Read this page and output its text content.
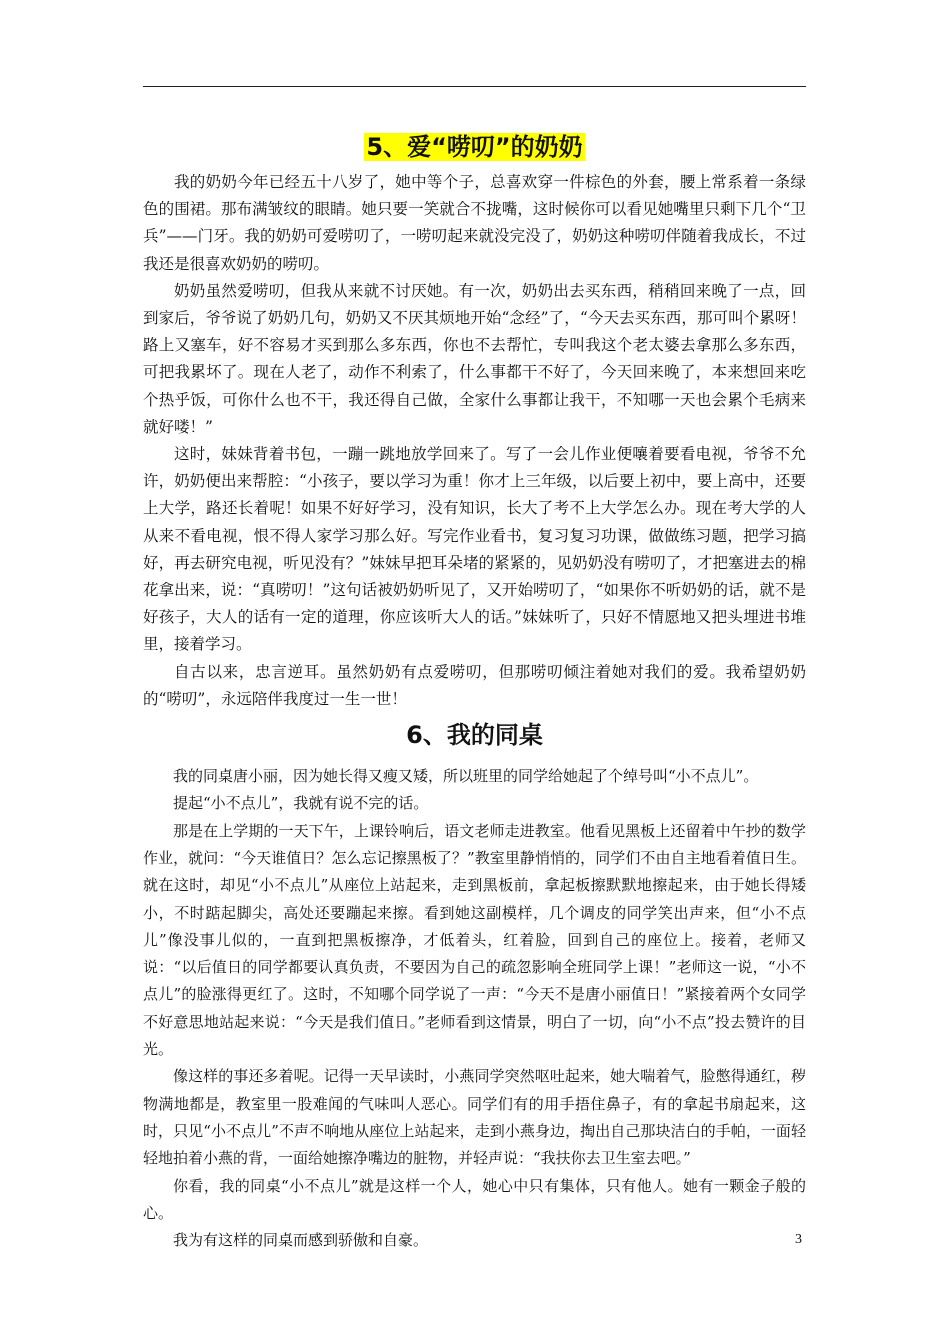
5、爱“唠叨”的奶奶

我的奶奶今年已经五十八岁了，她中等个子，总喜欢穿一件棕色的外套，腰上常系着一条绿色的围裙。那布满皱纹的眼睛。她只要一笑就合不拢嘴，这时候你可以看见她嘴里只剩下几个“卫兵”——门牙。我的奶奶可爱唠叨了，一唠叨起来就没完没了，奶奶这种唠叨伴随着我成长，不过我还是很喜欢奶奶的唠叨。

奶奶虽然爱唠叨，但我从来就不讨厌她。有一次，奶奶出去买东西，稍稍回来晚了一点，回到家后，爷爷说了奶奶几句，奶奶又不厌其烦地开始“念经”了，“今天去买东西，那可叫个累呀！路上又塞车，好不容易才买到那么多东西，你也不去帮忙，专叫我这个老太婆去拿那么多东西，可把我累坏了。现在人老了，动作不利索了，什么事都干不好了，今天回来晚了，本来想回来吃个热乎饭，可你什么也不干，我还得自己做，全家什么事都让我干，不知哪一天也会累个毛病来就好喽！”

这时，妹妹背着书包，一蹦一跳地放学回来了。写了一会儿作业便嚷着要看电视，爷爷不允许，奶奶便出来帮腔：“小孩子，要以学习为重！你才上三年级，以后要上初中，要上高中，还要上大学，路还长着呢！如果不好好学习，没有知识，长大了考不上大学怎么办。现在考大学的人从来不看电视，恨不得人家学习那么好。写完作业看书，复习复习功课，做做练习题，把学习搞好，再去研究电视，听见没有？”妹妹早把耳朵堵的紧紧的，见奶奶没有唠叨了，才把塞进去的棉花拿出来，说：“真唠叨！”这句话被奶奶听见了，又开始唠叨了，“如果你不听奶奶的话，就不是好孩子，大人的话有一定的道理，你应该听大人的话。”妹妹听了，只好不情愿地又把头埋进书堆里，接着学习。

自古以来，忠言逆耳。虽然奶奶有点爱唠叨，但那唠叨倾注着她对我们的爱。我希望奶奶的“唠叨”，永远陪伴我度过一生一世！

6、我的同桌

我的同桌唐小丽，因为她长得又瘦又矮，所以班里的同学给她起了个绰号叫“小不点儿”。

提起“小不点儿”，我就有说不完的话。

那是在上学期的一天下午，上课铃响后，语文老师走进教室。他看见黑板上还留着中午抄的数学作业，就问：“今天谁值日？怎么忘记擦黑板了？”教室里静悄悄的，同学们不由自主地看着值日生。就在这时，却见“小不点儿”从座位上站起来，走到黑板前，拿起板擦默默地擦起来，由于她长得矮小，不时踮起脚尖，高处还要蹦起来擦。看到她这副模样，几个调皮的同学笑出声来，但“小不点儿”像没事儿似的，一直到把黑板擦净，才低着头，红着脸，回到自己的座位上。接着，老师又说：“以后值日的同学都要认真负责，不要因为自己的疏忽影响全班同学上课！”老师这一说，“小不点儿”的脸涨得更红了。这时，不知哪个同学说了一声：“今天不是唐小丽值日！”紧接着两个女同学不好意思地站起来说：“今天是我们值日。”老师看到这情景，明白了一切，向“小不点”投去赞许的目光。

像这样的事还多着呢。记得一天早读时，小燕同学突然呕吐起来，她大喘着气，脸憋得通红，秽物满地都是，教室里一股难闻的气味叫人恶心。同学们有的用手捂住鼻子，有的拿起书扇起来，这时，只见“小不点儿”不声不响地从座位上站起来，走到小燕身边，掏出自己那块洁白的手帕，一面轻轻地拍着小燕的背，一面给她擦净嘴边的脏物，并轻声说：“我扶你去卫生室去吧。”

你看，我的同桌“小不点儿”就是这样一个人，她心中只有集体，只有他人。她有一颗金子般的心。

我为有这样的同桌而感到骄傲和自豪。	3
